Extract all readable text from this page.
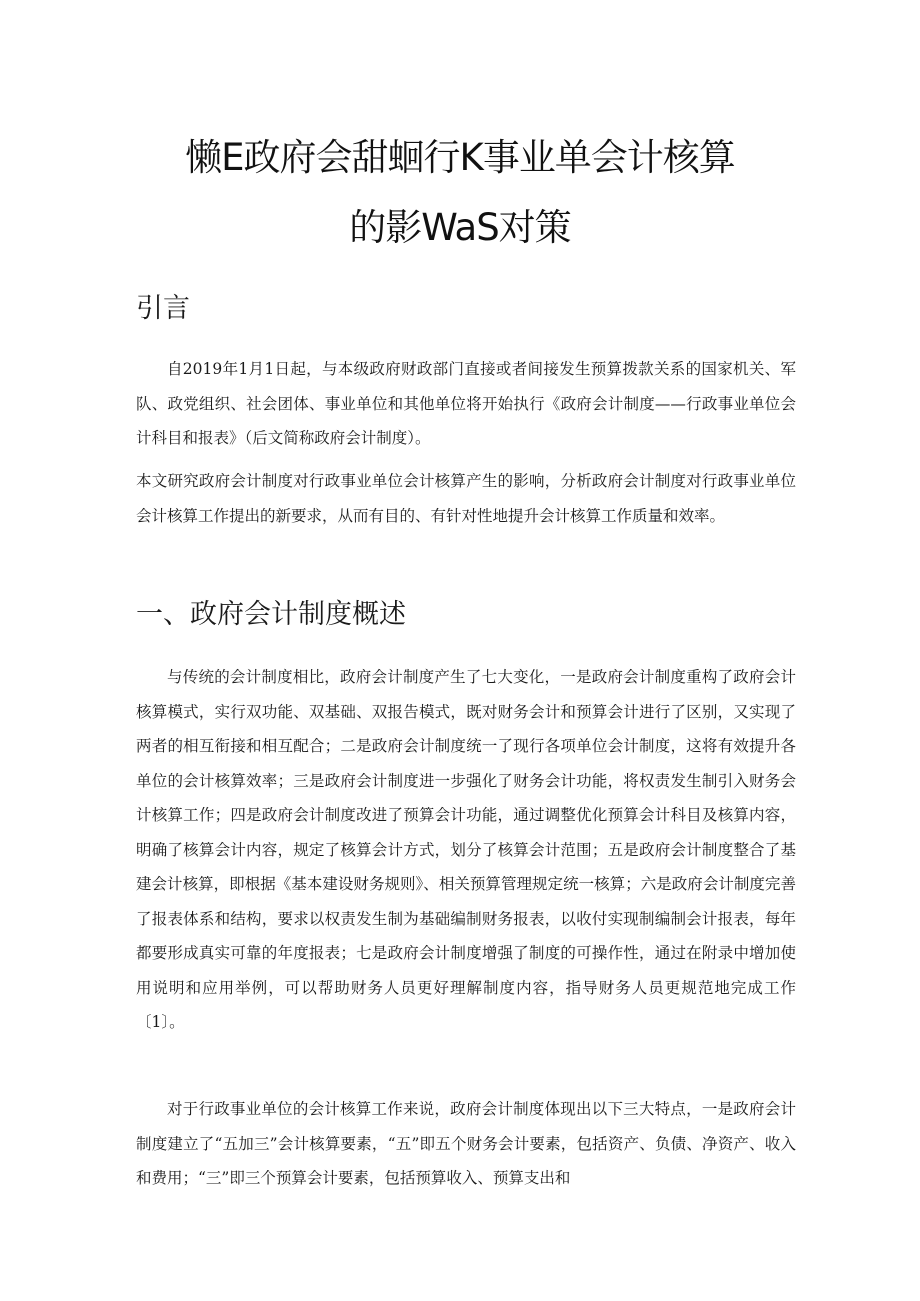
懒E政府会甜蛔行K事业单会计核算
的影WaS对策
引言

自2019年1月1日起，与本级政府财政部门直接或者间接发生预算拨款关系的国家机关、军队、政党组织、社会团体、事业单位和其他单位将开始执行《政府会计制度——行政事业单位会计科目和报表》（后文简称政府会计制度）。

本文研究政府会计制度对行政事业单位会计核算产生的影响，分析政府会计制度对行政事业单位会计核算工作提出的新要求，从而有目的、有针对性地提升会计核算工作质量和效率。

一、政府会计制度概述

与传统的会计制度相比，政府会计制度产生了七大变化，一是政府会计制度重构了政府会计核算模式，实行双功能、双基础、双报告模式，既对财务会计和预算会计进行了区别，又实现了两者的相互衔接和相互配合；二是政府会计制度统一了现行各项单位会计制度，这将有效提升各单位的会计核算效率；三是政府会计制度进一步强化了财务会计功能，将权责发生制引入财务会计核算工作；四是政府会计制度改进了预算会计功能，通过调整优化预算会计科目及核算内容，明确了核算会计内容，规定了核算会计方式，划分了核算会计范围；五是政府会计制度整合了基建会计核算，即根据《基本建设财务规则》、相关预算管理规定统一核算；六是政府会计制度完善了报表体系和结构，要求以权责发生制为基础编制财务报表，以收付实现制编制会计报表，每年都要形成真实可靠的年度报表；七是政府会计制度增强了制度的可操作性，通过在附录中增加使用说明和应用举例，可以帮助财务人员更好理解制度内容，指导财务人员更规范地完成工作〔1〕。

对于行政事业单位的会计核算工作来说，政府会计制度体现出以下三大特点，一是政府会计制度建立了“五加三”会计核算要素，“五”即五个财务会计要素，包括资产、负债、净资产、收入和费用；“三”即三个预算会计要素，包括预算收入、预算支出和
